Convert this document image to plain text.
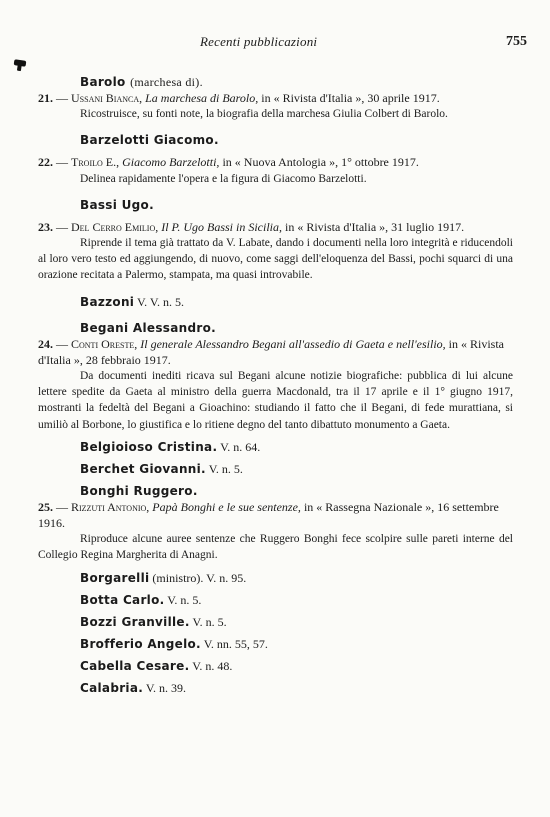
Recenti pubblicazioni	755

Barolo (marchesa di).

21. — Ussani Bianca, La marchesa di Barolo, in « Rivista d'Italia », 30 aprile 1917.

Ricostruisce, su fonti note, la biografia della marchesa Giulia Colbert di Barolo.

Barzelotti Giacomo.

22. — Troilo E., Giacomo Barzelotti, in « Nuova Antologia », 1° ottobre 1917.

Delinea rapidamente l'opera e la figura di Giacomo Barzelotti.

Bassi Ugo.

23. — Del Cerro Emilio, Il P. Ugo Bassi in Sicilia, in « Rivista d'Italia », 31 luglio 1917.

Riprende il tema già trattato da V. Labate, dando i documenti nella loro integrità e riducendoli al loro vero testo ed aggiungendo, di nuovo, come saggi dell'eloquenza del Bassi, pochi squarci di una orazione recitata a Palermo, stampata, ma quasi introvabile.

Bazzoni V. V. n. 5.

Begani Alessandro.

24. — Conti Oreste, Il generale Alessandro Begani all'assedio di Gaeta e nell'esilio, in « Rivista d'Italia », 28 febbraio 1917.

Da documenti inediti ricava sul Begani alcune notizie biografiche: pubblica di lui alcune lettere spedite da Gaeta al ministro della guerra Macdonald, tra il 17 aprile e il 1° giugno 1917, mostranti la fedeltà del Begani a Gioachino: studiando il fatto che il Begani, di fede murattiana, si umiliò al Borbone, lo giustifica e lo ritiene degno del tanto dibattuto monumento a Gaeta.

Belgioioso Cristina. V. n. 64.

Berchet Giovanni. V. n. 5.

Bonghi Ruggero.

25. — Rizzuti Antonio, Papà Bonghi e le sue sentenze, in « Rassegna Nazionale », 16 settembre 1916.

Riproduce alcune auree sentenze che Ruggero Bonghi fece scolpire sulle pareti interne del Collegio Regina Margherita di Anagni.

Borgarelli (ministro). V. n. 95.

Botta Carlo. V. n. 5.

Bozzi Granville. V. n. 5.

Brofferio Angelo. V. nn. 55, 57.

Cabella Cesare. V. n. 48.

Calabria. V. n. 39.
